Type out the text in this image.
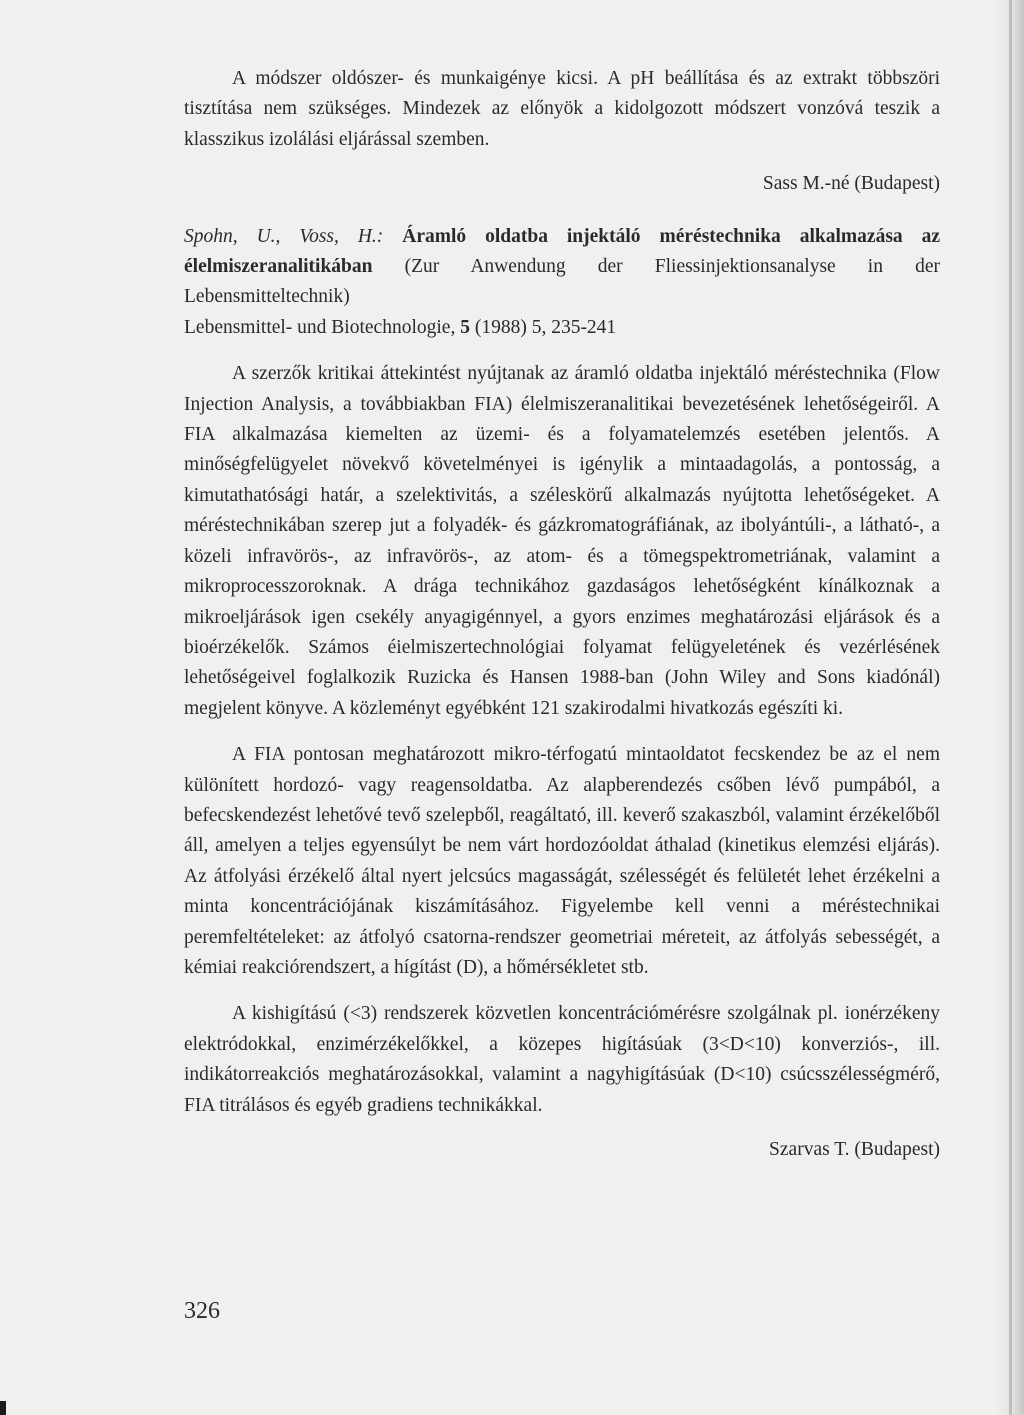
A módszer oldószer- és munkaigénye kicsi. A pH beállítása és az extrakt többszöri tisztítása nem szükséges. Mindezek az előnyök a kidolgozott módszert vonzóvá teszik a klasszikus izolálási eljárással szemben.

Sass M.-né (Budapest)

Spohn, U., Voss, H.: Áramló oldatba injektáló méréstechnika alkalmazása az élelmiszeranalitikában (Zur Anwendung der Fliessinjektionsanalyse in der Lebensmitteltechnik)

Lebensmittel- und Biotechnologie, 5 (1988) 5, 235-241

A szerzők kritikai áttekintést nyújtanak az áramló oldatba injektáló méréstechnika (Flow Injection Analysis, a továbbiakban FIA) élelmiszeranalitikai bevezetésének lehetőségeiről. A FIA alkalmazása kiemelten az üzemi- és a folyamatelemzés esetében jelentős. A minőségfelügyelet növekvő követelményei is igénylik a mintaadagolás, a pontosság, a kimutathatósági határ, a szelektivitás, a széleskörű alkalmazás nyújtotta lehetőségeket. A méréstechnikában szerep jut a folyadék- és gázkromatográfiának, az ibolyántúli-, a látható-, a közeli infravörös-, az infravörös-, az atom- és a tömegspektrometriának, valamint a mikroprocesszoroknak. A drága technikához gazdaságos lehetőségként kínálkoznak a mikroeljárások igen csekély anyagigénnyel, a gyors enzimes meghatározási eljárások és a bioérzékelők. Számos éielmiszertechnológiai folyamat felügyeletének és vezérlésének lehetőségeivel foglalkozik Ruzicka és Hansen 1988-ban (John Wiley and Sons kiadónál) megjelent könyve. A közleményt egyébként 121 szakirodalmi hivatkozás egészíti ki.

A FIA pontosan meghatározott mikro-térfogatú mintaoldatot fecskendez be az el nem különített hordozó- vagy reagensoldatba. Az alapberendezés csőben lévő pumpából, a befecskendezést lehetővé tevő szelepből, reagáltató, ill. keverő szakaszból, valamint érzékelőből áll, amelyen a teljes egyensúlyt be nem várt hordozóoldat áthalad (kinetikus elemzési eljárás). Az átfolyási érzékelő által nyert jelcsúcs magasságát, szélességét és felületét lehet érzékelni a minta koncentrációjának kiszámításához. Figyelembe kell venni a méréstechnikai peremfeltételeket: az átfolyó csatorna-rendszer geometriai méreteit, az átfolyás sebességét, a kémiai reakciórendszert, a hígítást (D), a hőmérsékletet stb.

A kishigítású (<3) rendszerek közvetlen koncentrációmérésre szolgálnak pl. ionérzékeny elektródokkal, enzimérzékelőkkel, a közepes higításúak (3<D<10) konverziós-, ill. indikátorreakciós meghatározásokkal, valamint a nagyhigításúak (D<10) csúcsszélességmérő, FIA titrálásos és egyéb gradiens technikákkal.

Szarvas T. (Budapest)

326
